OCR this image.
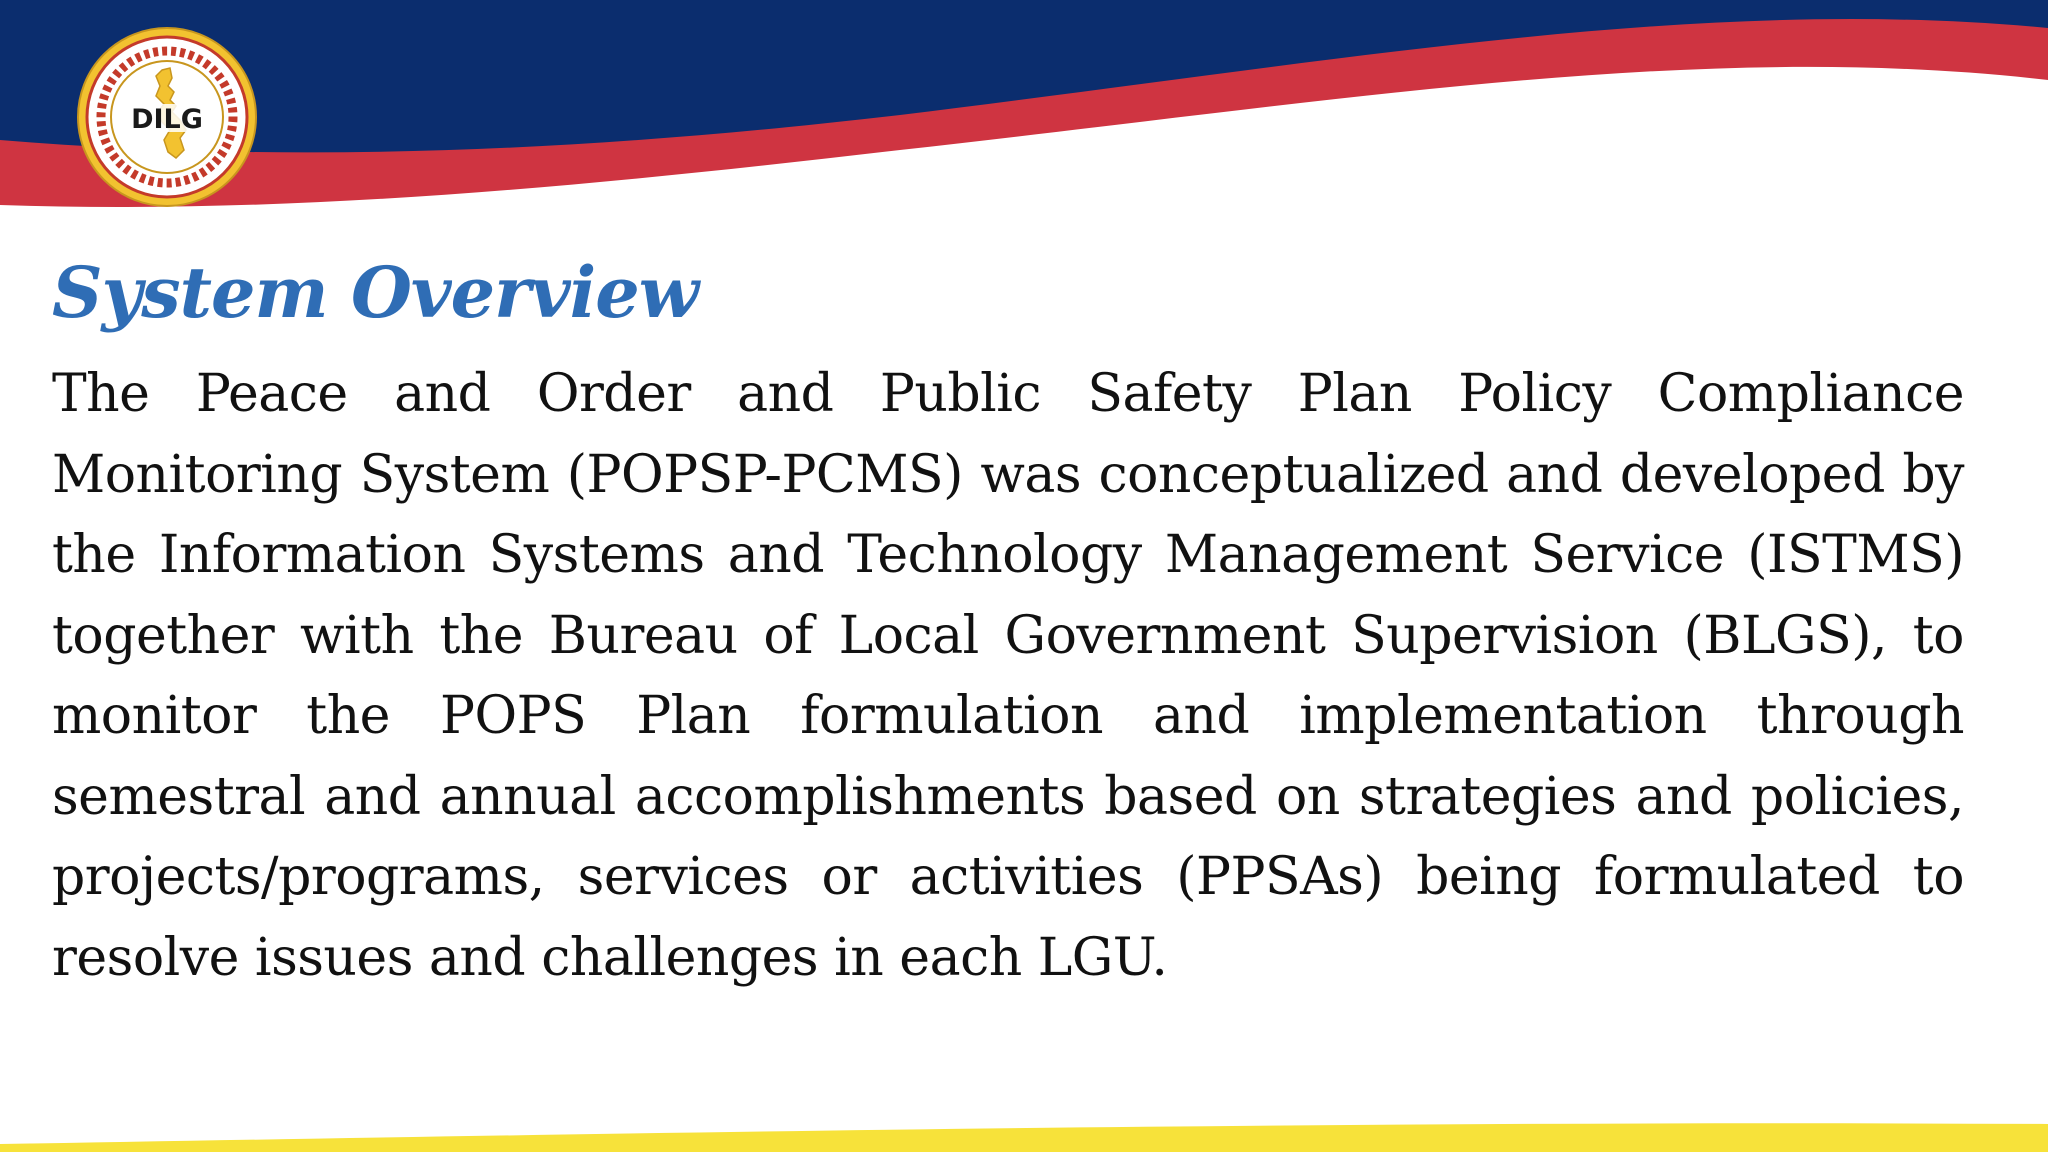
DILG
System Overview

The Peace and Order and Public Safety Plan Policy Compliance Monitoring System (POPSP-PCMS) was conceptualized and developed by the Information Systems and Technology Management Service (ISTMS) together with the Bureau of Local Government Supervision (BLGS), to monitor the POPS Plan formulation and implementation through semestral and annual accomplishments based on strategies and policies, projects/programs, services or activities (PPSAs) being formulated to resolve issues and challenges in each LGU.
